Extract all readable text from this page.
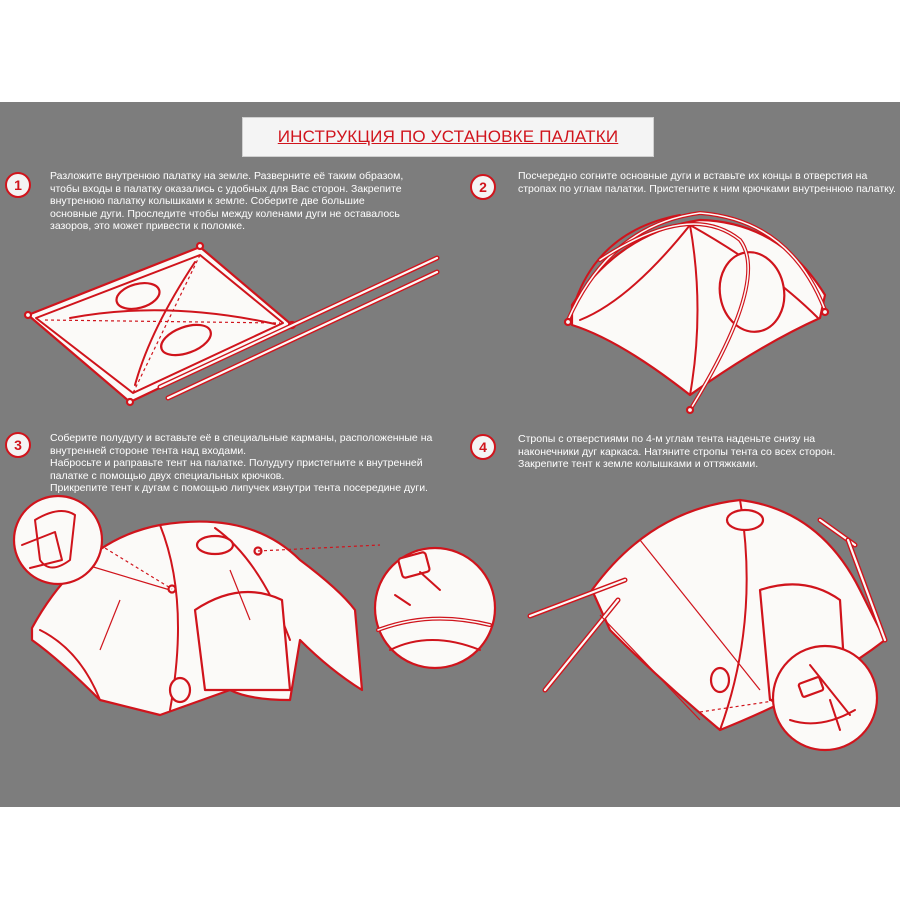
ИНСТРУКЦИЯ ПО УСТАНОВКЕ ПАЛАТКИ
1	2
3	4
Разложите внутренюю палатку на земле. Разверните её таким образом,
чтобы входы в палатку оказались с удобных для Вас сторон. Закрепите
внутренюю палатку колышками к земле. Соберите две большие
основные дуги. Проследите чтобы между коленами дуги не оставалось
зазоров, это может привести к поломке.
Посчередно согните основные дуги и вставьте их концы в отверстия на
стропах по углам палатки. Пристегните к ним крючками внутреннюю палатку.
Соберите полудугу и вставьте её в специальные карманы, расположенные на
внутренней стороне тента над входами.
Набросьте и раправьте тент на палатке. Полудугу пристегните к внутренней
палатке с помощью двух специальных крючков.
Прикрепите тент к дугам с помощью липучек изнутри тента посередине дуги.
Стропы с отверстиями по 4-м углам тента наденьте снизу на
наконечники дуг каркаса. Натяните стропы тента со всех сторон.
Закрепите тент к земле колышками и оттяжками.
